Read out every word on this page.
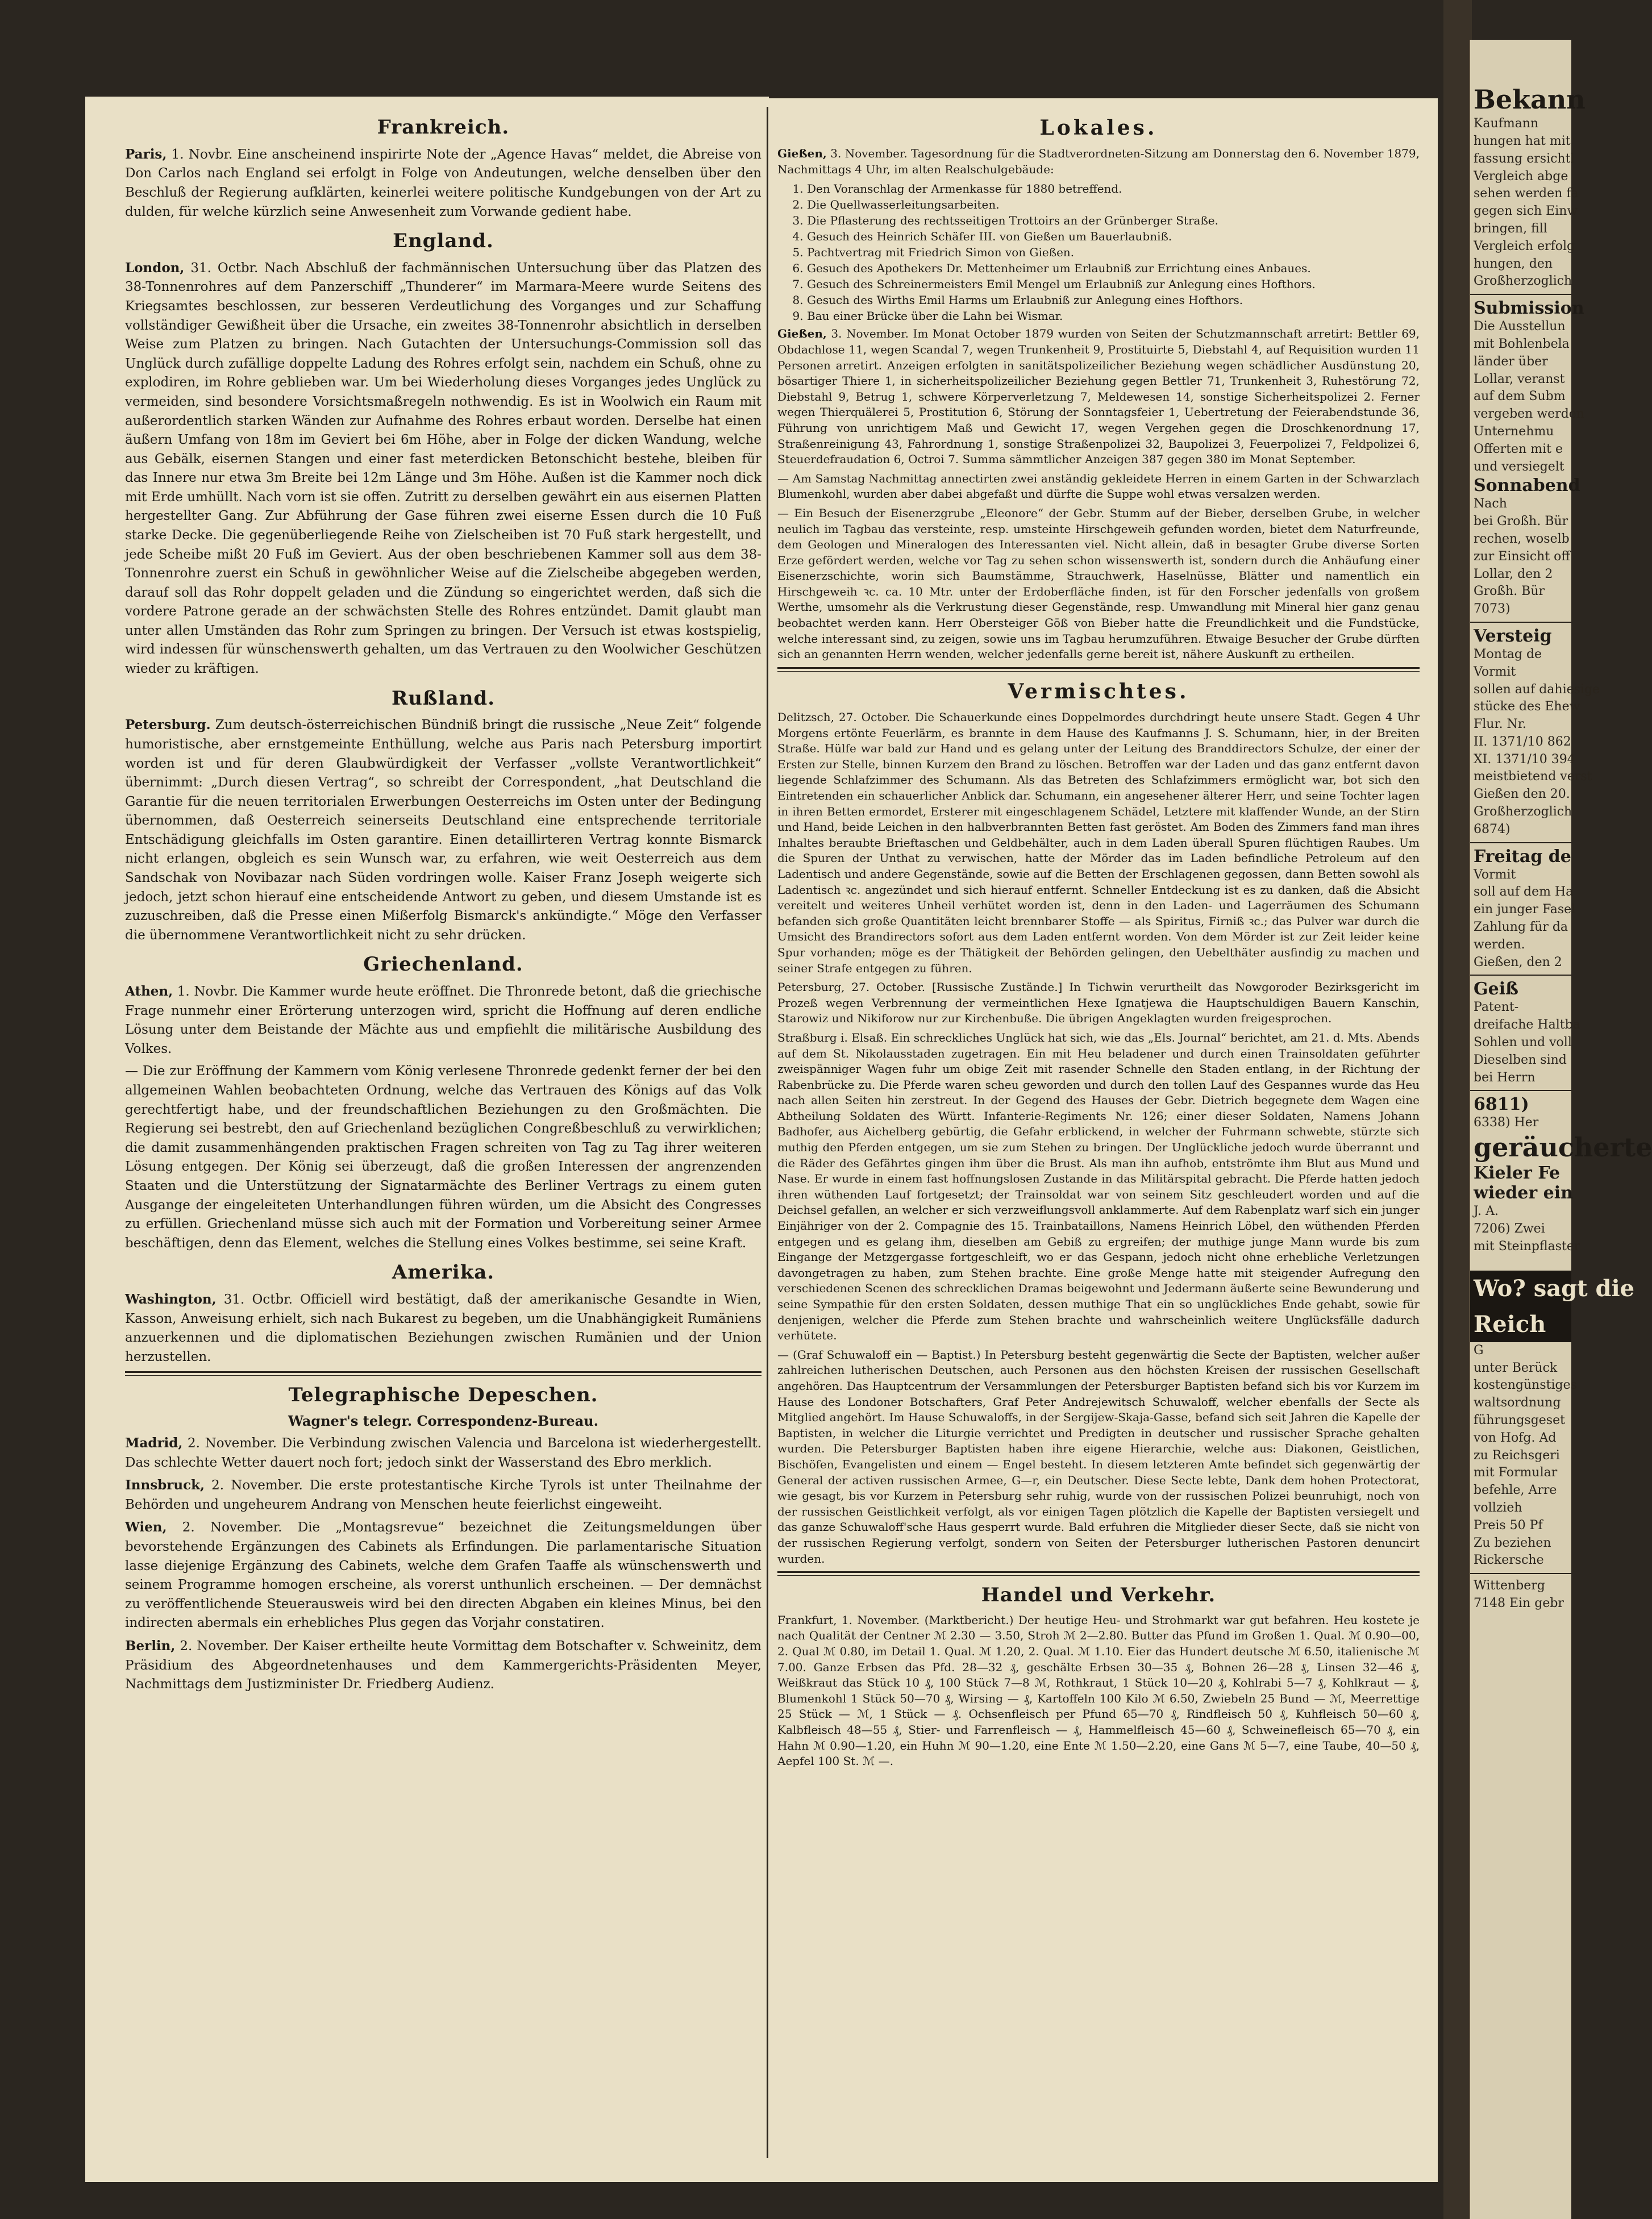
Frankreich.

Paris, 1. Novbr. Eine anscheinend inspirirte Note der „Agence Havas“ meldet, die Abreise von Don Carlos nach England sei erfolgt in Folge von Andeutungen, welche denselben über den Beschluß der Regierung aufklärten, keinerlei weitere politische Kundgebungen von der Art zu dulden, für welche kürzlich seine Anwesenheit zum Vorwande gedient habe.

England.

London, 31. Octbr. Nach Abschluß der fachmännischen Untersuchung über das Platzen des 38-Tonnenrohres auf dem Panzerschiff „Thunderer“ im Marmara-Meere wurde Seitens des Kriegsamtes beschlossen, zur besseren Verdeutlichung des Vorganges und zur Schaffung vollständiger Gewißheit über die Ursache, ein zweites 38-Tonnenrohr absichtlich in derselben Weise zum Platzen zu bringen. Nach Gutachten der Untersuchungs-Commission soll das Unglück durch zufällige doppelte Ladung des Rohres erfolgt sein, nachdem ein Schuß, ohne zu explodiren, im Rohre geblieben war. Um bei Wiederholung dieses Vorganges jedes Unglück zu vermeiden, sind besondere Vorsichtsmaßregeln nothwendig. Es ist in Woolwich ein Raum mit außerordentlich starken Wänden zur Aufnahme des Rohres erbaut worden. Derselbe hat einen äußern Umfang von 18m im Geviert bei 6m Höhe, aber in Folge der dicken Wandung, welche aus Gebälk, eisernen Stangen und einer fast meterdicken Betonschicht bestehe, bleiben für das Innere nur etwa 3m Breite bei 12m Länge und 3m Höhe. Außen ist die Kammer noch dick mit Erde umhüllt. Nach vorn ist sie offen. Zutritt zu derselben gewährt ein aus eisernen Platten hergestellter Gang. Zur Abführung der Gase führen zwei eiserne Essen durch die 10 Fuß starke Decke. Die gegenüberliegende Reihe von Zielscheiben ist 70 Fuß stark hergestellt, und jede Scheibe mißt 20 Fuß im Geviert. Aus der oben beschriebenen Kammer soll aus dem 38-Tonnenrohre zuerst ein Schuß in gewöhnlicher Weise auf die Zielscheibe abgegeben werden, darauf soll das Rohr doppelt geladen und die Zündung so eingerichtet werden, daß sich die vordere Patrone gerade an der schwächsten Stelle des Rohres entzündet. Damit glaubt man unter allen Umständen das Rohr zum Springen zu bringen. Der Versuch ist etwas kostspielig, wird indessen für wünschenswerth gehalten, um das Vertrauen zu den Woolwicher Geschützen wieder zu kräftigen.

Rußland.

Petersburg. Zum deutsch-österreichischen Bündniß bringt die russische „Neue Zeit“ folgende humoristische, aber ernstgemeinte Enthüllung, welche aus Paris nach Petersburg importirt worden ist und für deren Glaubwürdigkeit der Verfasser „vollste Verantwortlichkeit“ übernimmt: „Durch diesen Vertrag“, so schreibt der Correspondent, „hat Deutschland die Garantie für die neuen territorialen Erwerbungen Oesterreichs im Osten unter der Bedingung übernommen, daß Oesterreich seinerseits Deutschland eine entsprechende territoriale Entschädigung gleichfalls im Osten garantire. Einen detaillirteren Vertrag konnte Bismarck nicht erlangen, obgleich es sein Wunsch war, zu erfahren, wie weit Oesterreich aus dem Sandschak von Novibazar nach Süden vordringen wolle. Kaiser Franz Joseph weigerte sich jedoch, jetzt schon hierauf eine entscheidende Antwort zu geben, und diesem Umstande ist es zuzuschreiben, daß die Presse einen Mißerfolg Bismarck's ankündigte.“ Möge den Verfasser die übernommene Verantwortlichkeit nicht zu sehr drücken.

Griechenland.

Athen, 1. Novbr. Die Kammer wurde heute eröffnet. Die Thronrede betont, daß die griechische Frage nunmehr einer Erörterung unterzogen wird, spricht die Hoffnung auf deren endliche Lösung unter dem Beistande der Mächte aus und empfiehlt die militärische Ausbildung des Volkes.

— Die zur Eröffnung der Kammern vom König verlesene Thronrede gedenkt ferner der bei den allgemeinen Wahlen beobachteten Ordnung, welche das Vertrauen des Königs auf das Volk gerechtfertigt habe, und der freundschaftlichen Beziehungen zu den Großmächten. Die Regierung sei bestrebt, den auf Griechenland bezüglichen Congreßbeschluß zu verwirklichen; die damit zusammenhängenden praktischen Fragen schreiten von Tag zu Tag ihrer weiteren Lösung entgegen. Der König sei überzeugt, daß die großen Interessen der angrenzenden Staaten und die Unterstützung der Signatarmächte des Berliner Vertrags zu einem guten Ausgange der eingeleiteten Unterhandlungen führen würden, um die Absicht des Congresses zu erfüllen. Griechenland müsse sich auch mit der Formation und Vorbereitung seiner Armee beschäftigen, denn das Element, welches die Stellung eines Volkes bestimme, sei seine Kraft.

Amerika.

Washington, 31. Octbr. Officiell wird bestätigt, daß der amerikanische Gesandte in Wien, Kasson, Anweisung erhielt, sich nach Bukarest zu begeben, um die Unabhängigkeit Rumäniens anzuerkennen und die diplomatischen Beziehungen zwischen Rumänien und der Union herzustellen.

Telegraphische Depeschen.
Wagner's telegr. Correspondenz-Bureau.

Madrid, 2. November. Die Verbindung zwischen Valencia und Barcelona ist wiederhergestellt. Das schlechte Wetter dauert noch fort; jedoch sinkt der Wasserstand des Ebro merklich.

Innsbruck, 2. November. Die erste protestantische Kirche Tyrols ist unter Theilnahme der Behörden und ungeheurem Andrang von Menschen heute feierlichst eingeweiht.

Wien, 2. November. Die „Montagsrevue“ bezeichnet die Zeitungsmeldungen über bevorstehende Ergänzungen des Cabinets als Erfindungen. Die parlamentarische Situation lasse diejenige Ergänzung des Cabinets, welche dem Grafen Taaffe als wünschenswerth und seinem Programme homogen erscheine, als vorerst unthunlich erscheinen. — Der demnächst zu veröffentlichende Steuerausweis wird bei den directen Abgaben ein kleines Minus, bei den indirecten abermals ein erhebliches Plus gegen das Vorjahr constatiren.

Berlin, 2. November. Der Kaiser ertheilte heute Vormittag dem Botschafter v. Schweinitz, dem Präsidium des Abgeordnetenhauses und dem Kammergerichts-Präsidenten Meyer, Nachmittags dem Justizminister Dr. Friedberg Audienz.

Lokales.

Gießen, 3. November. Tagesordnung für die Stadtverordneten-Sitzung am Donnerstag den 6. November 1879, Nachmittags 4 Uhr, im alten Realschulgebäude:

1. Den Voranschlag der Armenkasse für 1880 betreffend.
2. Die Quellwasserleitungsarbeiten.
3. Die Pflasterung des rechtsseitigen Trottoirs an der Grünberger Straße.
4. Gesuch des Heinrich Schäfer III. von Gießen um Bauerlaubniß.
5. Pachtvertrag mit Friedrich Simon von Gießen.
6. Gesuch des Apothekers Dr. Mettenheimer um Erlaubniß zur Errichtung eines Anbaues.
7. Gesuch des Schreinermeisters Emil Mengel um Erlaubniß zur Anlegung eines Hofthors.
8. Gesuch des Wirths Emil Harms um Erlaubniß zur Anlegung eines Hofthors.
9. Bau einer Brücke über die Lahn bei Wismar.

Gießen, 3. November. Im Monat October 1879 wurden von Seiten der Schutzmannschaft arretirt: Bettler 69, Obdachlose 11, wegen Scandal 7, wegen Trunkenheit 9, Prostituirte 5, Diebstahl 4, auf Requisition wurden 11 Personen arretirt. Anzeigen erfolgten in sanitätspolizeilicher Beziehung wegen schädlicher Ausdünstung 20, bösartiger Thiere 1, in sicherheitspolizeilicher Beziehung gegen Bettler 71, Trunkenheit 3, Ruhestörung 72, Diebstahl 9, Betrug 1, schwere Körperverletzung 7, Meldewesen 14, sonstige Sicherheitspolizei 2. Ferner wegen Thierquälerei 5, Prostitution 6, Störung der Sonntagsfeier 1, Uebertretung der Feierabendstunde 36, Führung von unrichtigem Maß und Gewicht 17, wegen Vergehen gegen die Droschkenordnung 17, Straßenreinigung 43, Fahrordnung 1, sonstige Straßenpolizei 32, Baupolizei 3, Feuerpolizei 7, Feldpolizei 6, Steuerdefraudation 6, Octroi 7. Summa sämmtlicher Anzeigen 387 gegen 380 im Monat September.

— Am Samstag Nachmittag annectirten zwei anständig gekleidete Herren in einem Garten in der Schwarzlach Blumenkohl, wurden aber dabei abgefaßt und dürfte die Suppe wohl etwas versalzen werden.

— Ein Besuch der Eisenerzgrube „Eleonore“ der Gebr. Stumm auf der Bieber, derselben Grube, in welcher neulich im Tagbau das versteinte, resp. umsteinte Hirschgeweih gefunden worden, bietet dem Naturfreunde, dem Geologen und Mineralogen des Interessanten viel. Nicht allein, daß in besagter Grube diverse Sorten Erze gefördert werden, welche vor Tag zu sehen schon wissenswerth ist, sondern durch die Anhäufung einer Eisenerzschichte, worin sich Baumstämme, Strauchwerk, Haselnüsse, Blätter und namentlich ein Hirschgeweih ꝛc. ca. 10 Mtr. unter der Erdoberfläche finden, ist für den Forscher jedenfalls von großem Werthe, umsomehr als die Verkrustung dieser Gegenstände, resp. Umwandlung mit Mineral hier ganz genau beobachtet werden kann. Herr Obersteiger Gōß von Bieber hatte die Freundlichkeit und die Fundstücke, welche interessant sind, zu zeigen, sowie uns im Tagbau herumzuführen. Etwaige Besucher der Grube dürften sich an genannten Herrn wenden, welcher jedenfalls gerne bereit ist, nähere Auskunft zu ertheilen.

Vermischtes.

Delitzsch, 27. October. Die Schauerkunde eines Doppelmordes durchdringt heute unsere Stadt. Gegen 4 Uhr Morgens ertönte Feuerlärm, es brannte in dem Hause des Kaufmanns J. S. Schumann, hier, in der Breiten Straße. Hülfe war bald zur Hand und es gelang unter der Leitung des Branddirectors Schulze, der einer der Ersten zur Stelle, binnen Kurzem den Brand zu löschen. Betroffen war der Laden und das ganz entfernt davon liegende Schlafzimmer des Schumann. Als das Betreten des Schlafzimmers ermöglicht war, bot sich den Eintretenden ein schauerlicher Anblick dar. Schumann, ein angesehener älterer Herr, und seine Tochter lagen in ihren Betten ermordet, Ersterer mit eingeschlagenem Schädel, Letztere mit klaffender Wunde, an der Stirn und Hand, beide Leichen in den halbverbrannten Betten fast geröstet. Am Boden des Zimmers fand man ihres Inhaltes beraubte Brieftaschen und Geldbehälter, auch in dem Laden überall Spuren flüchtigen Raubes. Um die Spuren der Unthat zu verwischen, hatte der Mörder das im Laden befindliche Petroleum auf den Ladentisch und andere Gegenstände, sowie auf die Betten der Erschlagenen gegossen, dann Betten sowohl als Ladentisch ꝛc. angezündet und sich hierauf entfernt. Schneller Entdeckung ist es zu danken, daß die Absicht vereitelt und weiteres Unheil verhütet worden ist, denn in den Laden- und Lagerräumen des Schumann befanden sich große Quantitäten leicht brennbarer Stoffe — als Spiritus, Firniß ꝛc.; das Pulver war durch die Umsicht des Brandirectors sofort aus dem Laden entfernt worden. Von dem Mörder ist zur Zeit leider keine Spur vorhanden; möge es der Thätigkeit der Behörden gelingen, den Uebelthäter ausfindig zu machen und seiner Strafe entgegen zu führen.

Petersburg, 27. October. [Russische Zustände.] In Tichwin verurtheilt das Nowgoroder Bezirksgericht im Prozeß wegen Verbrennung der vermeintlichen Hexe Ignatjewa die Hauptschuldigen Bauern Kanschin, Starowiz und Nikiforow nur zur Kirchenbuße. Die übrigen Angeklagten wurden freigesprochen.

Straßburg i. Elsaß. Ein schreckliches Unglück hat sich, wie das „Els. Journal“ berichtet, am 21. d. Mts. Abends auf dem St. Nikolausstaden zugetragen. Ein mit Heu beladener und durch einen Trainsoldaten geführter zweispänniger Wagen fuhr um obige Zeit mit rasender Schnelle den Staden entlang, in der Richtung der Rabenbrücke zu. Die Pferde waren scheu geworden und durch den tollen Lauf des Gespannes wurde das Heu nach allen Seiten hin zerstreut. In der Gegend des Hauses der Gebr. Dietrich begegnete dem Wagen eine Abtheilung Soldaten des Württ. Infanterie-Regiments Nr. 126; einer dieser Soldaten, Namens Johann Badhofer, aus Aichelberg gebürtig, die Gefahr erblickend, in welcher der Fuhrmann schwebte, stürzte sich muthig den Pferden entgegen, um sie zum Stehen zu bringen. Der Unglückliche jedoch wurde überrannt und die Räder des Gefährtes gingen ihm über die Brust. Als man ihn aufhob, entströmte ihm Blut aus Mund und Nase. Er wurde in einem fast hoffnungslosen Zustande in das Militärspital gebracht. Die Pferde hatten jedoch ihren wüthenden Lauf fortgesetzt; der Trainsoldat war von seinem Sitz geschleudert worden und auf die Deichsel gefallen, an welcher er sich verzweiflungsvoll anklammerte. Auf dem Rabenplatz warf sich ein junger Einjähriger von der 2. Compagnie des 15. Trainbataillons, Namens Heinrich Löbel, den wüthenden Pferden entgegen und es gelang ihm, dieselben am Gebiß zu ergreifen; der muthige junge Mann wurde bis zum Eingange der Metzgergasse fortgeschleift, wo er das Gespann, jedoch nicht ohne erhebliche Verletzungen davongetragen zu haben, zum Stehen brachte. Eine große Menge hatte mit steigender Aufregung den verschiedenen Scenen des schrecklichen Dramas beigewohnt und Jedermann äußerte seine Bewunderung und seine Sympathie für den ersten Soldaten, dessen muthige That ein so unglückliches Ende gehabt, sowie für denjenigen, welcher die Pferde zum Stehen brachte und wahrscheinlich weitere Unglücksfälle dadurch verhütete.

— (Graf Schuwaloff ein — Baptist.) In Petersburg besteht gegenwärtig die Secte der Baptisten, welcher außer zahlreichen lutherischen Deutschen, auch Personen aus den höchsten Kreisen der russischen Gesellschaft angehören. Das Hauptcentrum der Versammlungen der Petersburger Baptisten befand sich bis vor Kurzem im Hause des Londoner Botschafters, Graf Peter Andrejewitsch Schuwaloff, welcher ebenfalls der Secte als Mitglied angehört. Im Hause Schuwaloffs, in der Sergijew-Skaja-Gasse, befand sich seit Jahren die Kapelle der Baptisten, in welcher die Liturgie verrichtet und Predigten in deutscher und russischer Sprache gehalten wurden. Die Petersburger Baptisten haben ihre eigene Hierarchie, welche aus: Diakonen, Geistlichen, Bischöfen, Evangelisten und einem — Engel besteht. In diesem letzteren Amte befindet sich gegenwärtig der General der activen russischen Armee, G—r, ein Deutscher. Diese Secte lebte, Dank dem hohen Protectorat, wie gesagt, bis vor Kurzem in Petersburg sehr ruhig, wurde von der russischen Polizei beunruhigt, noch von der russischen Geistlichkeit verfolgt, als vor einigen Tagen plötzlich die Kapelle der Baptisten versiegelt und das ganze Schuwaloff'sche Haus gesperrt wurde. Bald erfuhren die Mitglieder dieser Secte, daß sie nicht von der russischen Regierung verfolgt, sondern von Seiten der Petersburger lutherischen Pastoren denuncirt wurden.

Handel und Verkehr.

Frankfurt, 1. November. (Marktbericht.) Der heutige Heu- und Strohmarkt war gut befahren. Heu kostete je nach Qualität der Centner ℳ 2.30 — 3.50, Stroh ℳ 2—2.80. Butter das Pfund im Großen 1. Qual. ℳ 0.90—00, 2. Qual ℳ 0.80, im Detail 1. Qual. ℳ 1.20, 2. Qual. ℳ 1.10. Eier das Hundert deutsche ℳ 6.50, italienische ℳ 7.00. Ganze Erbsen das Pfd. 28—32 ₰, geschälte Erbsen 30—35 ₰, Bohnen 26—28 ₰, Linsen 32—46 ₰, Weißkraut das Stück 10 ₰, 100 Stück 7—8 ℳ, Rothkraut, 1 Stück 10—20 ₰, Kohlrabi 5—7 ₰, Kohlkraut — ₰, Blumenkohl 1 Stück 50—70 ₰, Wirsing — ₰, Kartoffeln 100 Kilo ℳ 6.50, Zwiebeln 25 Bund — ℳ, Meerrettige 25 Stück — ℳ, 1 Stück — ₰. Ochsenfleisch per Pfund 65—70 ₰, Rindfleisch 50 ₰, Kuhfleisch 50—60 ₰, Kalbfleisch 48—55 ₰, Stier- und Farrenfleisch — ₰, Hammelfleisch 45—60 ₰, Schweinefleisch 65—70 ₰, ein Hahn ℳ 0.90—1.20, ein Huhn ℳ 90—1.20, eine Ente ℳ 1.50—2.20, eine Gans ℳ 5—7, eine Taube, 40—50 ₰, Aepfel 100 St. ℳ —.

Bekann
Kaufmann
hungen hat mit
fassung ersichtl
Vergleich abge
sehen werden fa
gegen sich Einw
bringen, fill
Vergleich erfolg
hungen, den
Großherzoglich
Submission
Die Ausstellun
mit Bohlenbela
länder über
Lollar, veranst
auf dem Subm
vergeben werden
Unternehmu
Offerten mit e
und versiegelt
Sonnabend
Nach
bei Großh. Bür
rechen, woselb
zur Einsicht off
Lollar, den 2
Großh. Bür
7073)
Versteig
Montag de
Vormit
sollen auf dahiesige
stücke des Ehew
Flur. Nr.
II. 1371/10 862
XI. 1371/10 394
meistbietend verst
Gießen den 20.
Großherzoglich
6874)
Freitag de
Vormit
soll auf dem Ha
ein junger Fasel
Zahlung für da
werden.
Gießen, den 2
Geiß
Patent-
dreifache Haltba
Sohlen und voll
Dieselben sind
bei Herrn
6811)
6338) Her
geräucherte
Kieler Fe
wieder ein
J. A.
7206) Zwei
mit Steinpflaster
Wo? sagt die
Reich
G
unter Berück
kostengünstiges
waltsordnung
führungsgeset
von Hofg. Ad
zu Reichsgeri
mit Formular
befehle, Arre
vollzieh
Preis 50 Pf
Zu beziehen
Rickersche
Wittenberg
7148 Ein gebr
